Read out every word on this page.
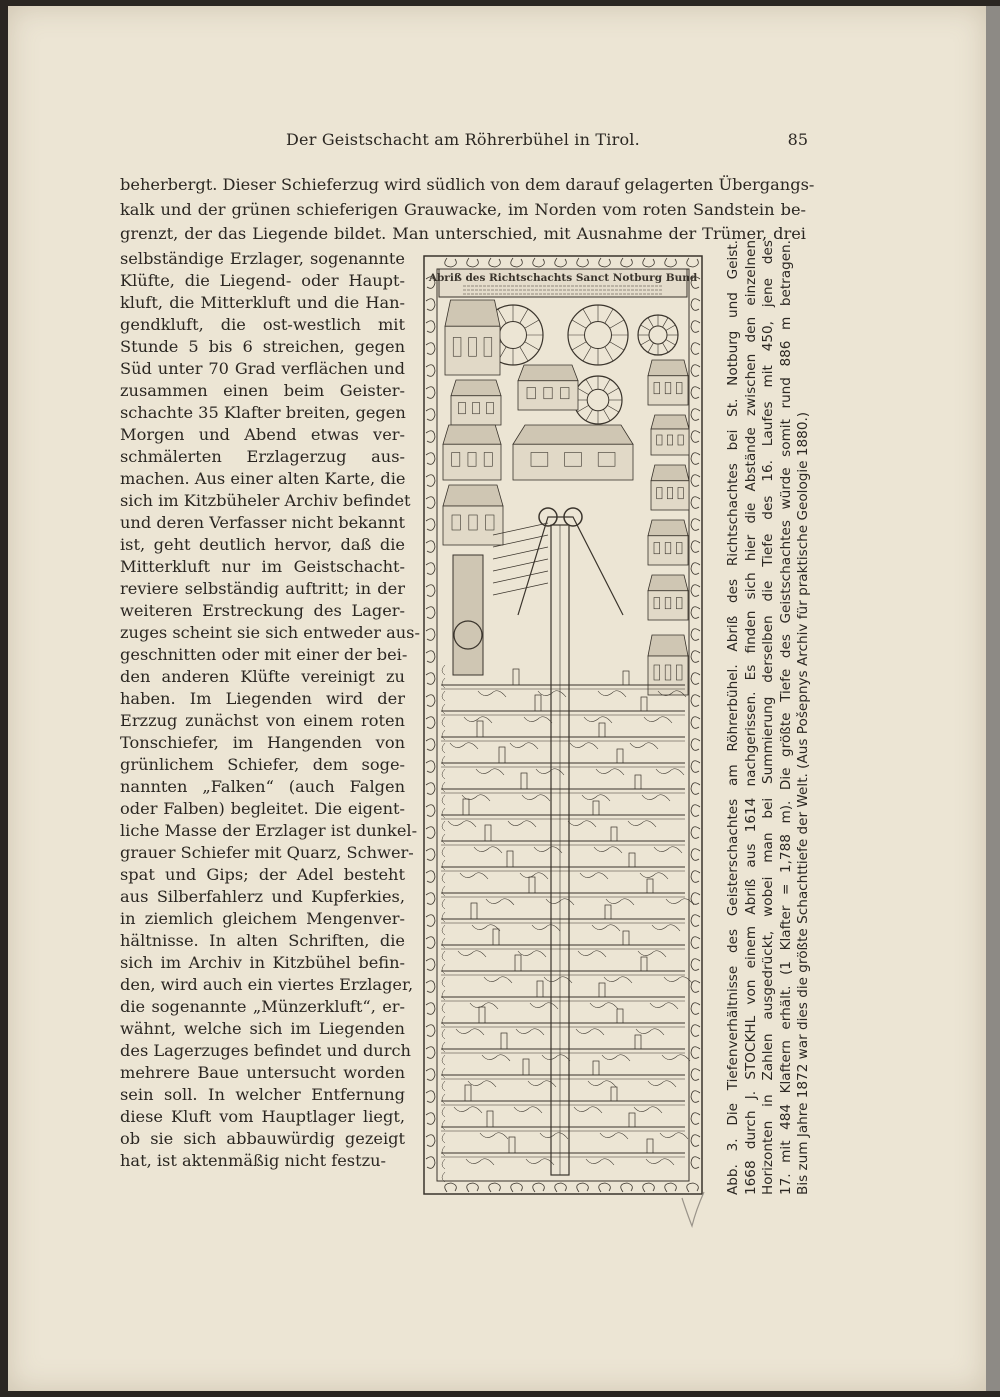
Der Geistschacht am Röhrerbühel in Tirol.	85
beherbergt. Dieser Schieferzug wird südlich von dem darauf gelagerten Übergangs-
kalk und der grünen schieferigen Grauwacke, im Norden vom roten Sandstein be-
grenzt, der das Liegende bildet. Man unterschied, mit Ausnahme der Trümer, drei
selbständige Erzlager, sogenannte
Klüfte, die Liegend- oder Haupt-
kluft, die Mitterkluft und die Han-
gendkluft, die ost-westlich mit
Stunde 5 bis 6 streichen, gegen
Süd unter 70 Grad verflächen und
zusammen einen beim Geister-
schachte 35 Klafter breiten, gegen
Morgen und Abend etwas ver-
schmälerten Erzlagerzug aus-
machen. Aus einer alten Karte, die
sich im Kitzbüheler Archiv befindet
und deren Verfasser nicht bekannt
ist, geht deutlich hervor, daß die
Mitterkluft nur im Geistschacht-
reviere selbständig auftritt; in der
weiteren Erstreckung des Lager-
zuges scheint sie sich entweder aus-
geschnitten oder mit einer der bei-
den anderen Klüfte vereinigt zu
haben. Im Liegenden wird der
Erzzug zunächst von einem roten
Tonschiefer, im Hangenden von
grünlichem Schiefer, dem soge-
nannten „Falken“ (auch Falgen
oder Falben) begleitet. Die eigent-
liche Masse der Erzlager ist dunkel-
grauer Schiefer mit Quarz, Schwer-
spat und Gips; der Adel besteht
aus Silberfahlerz und Kupferkies,
in ziemlich gleichem Mengenver-
hältnisse. In alten Schriften, die
sich im Archiv in Kitzbühel befin-
den, wird auch ein viertes Erzlager,
die sogenannte „Münzerkluft“, er-
wähnt, welche sich im Liegenden
des Lagerzuges befindet und durch
mehrere Baue untersucht worden
sein soll. In welcher Entfernung
diese Kluft vom Hauptlager liegt,
ob sie sich abbauwürdig gezeigt
hat, ist aktenmäßig nicht festzu-
Abriß des Richtschachts Sanct Notburg Bund Abb. 3. Die Tiefenverhältnisse des Geisterschachtes am Röhrerbühel. Abriß des Richtschachtes bei St. Notburg und Geist. 1668 durch J. STOCKHL von einem Abriß aus 1614 nachgerissen. Es finden sich hier die Abstände zwischen den einzelnen Horizonten in Zahlen ausgedrückt, wobei man bei Summierung derselben die Tiefe des 16. Laufes mit 450, jene des 17. mit 484 Klaftern erhält. (1 Klafter = 1,788 m). Die größte Tiefe des Geistschachtes würde somit rund 886 m betragen. Bis zum Jahre 1872 war dies die größte Schachttiefe der Welt. (Aus Pošepnys Archiv für praktische Geologie 1880.)
